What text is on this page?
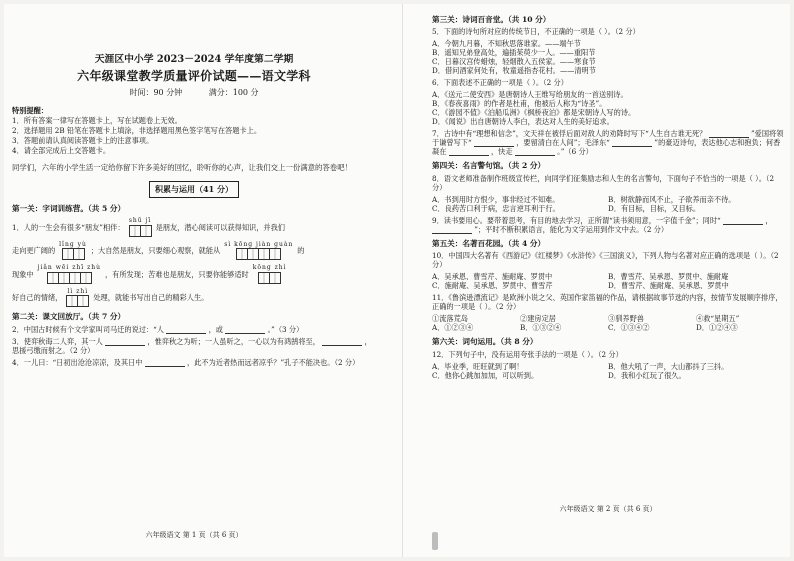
天涯区中小学 2023－2024 学年度第二学期
六年级课堂教学质量评价试题——语文学科
时间：90 分钟	满分：100 分
特别提醒：
1．所有答案一律写在答题卡上，写在试题卷上无效。
2．选择题用 2B 铅笔在答题卡上填涂，非选择题用黑色签字笔写在答题卡上。
3．答题前请认真阅读答题卡上的注意事项。
4．请全部完成后上交答题卡。
同学们，六年的小学生活一定给你留下许多美好的回忆，聆听你的心声，让我们交上一份满意的答卷吧！
积累与运用（41 分）
第一关：字词训练营。（共 5 分）
1．人的一生会有很多“朋友”相伴：
shū jī
是朋友，潜心阅读可以获得知识，并我们
走向更广阔的
lǐnɡ yù
；大自然是朋友，只要细心观察，就能从
sì kōnɡ jiàn ɡuàn
的
现象中
jiǎn wēi zhī zhù
，有所发现；苦难也是朋友，只要你能够适时
kōnɡ zhì
好自己的情绪，
lì zhì
处理，就能书写出自己的精彩人生。
第二关：课文回放厅。（共 7 分）
2．中国古时候有个文学家叫司马迁的说过：“人	，或	。”（3 分）
3．使弈秋诲二人弈，其一人	，惟弈秋之为听；一人虽听之，一心以为有鸿鹄将至，	，思援弓缴而射之。（2 分）
4．一儿曰：“日初出沧沧凉凉，及其日中	，此不为近者热而远者凉乎？”孔子不能决也。（2 分）
六年级语文 第 1 页（共 6 页）
第三关：诗词百音堂。（共 10 分）
5．下面的诗句所对应的传统节日，不正确的一项是（ ）。（2 分）
A．今朝九月暮，不知秋思落谁家。——端午节
B．遥知兄弟登高处，遍插茱萸少一人。——重阳节
C．日暮汉宫传蜡烛，轻烟散入五侯家。——寒食节
D．借问酒家何处有，牧童遥指杏花村。——清明节
6．下面表述不正确的一项是（ ）。（2 分）
A．《送元二使安西》是唐朝诗人王维写给朋友的一首送别诗。
B．《春夜喜雨》的作者是杜甫，他被后人称为“诗圣”。
C．《游园不值》《泊船瓜洲》《枫桥夜泊》都是宋朝诗人写的诗。
D．《闻说》出自唐朝诗人李白，表达对人生的美好追求。
7．古诗中有“理想和信念”，文天祥在被俘后面对敌人的劝降时写下“人生自古谁无死？	”爱国将领于谦曾写下“	，要留清白在人间”；毛泽东“	”的豪迈诗句，表达他心志和抱负；何香凝在	，快走	。”（6 分）
第四关：名言警句馆。（共 2 分）
8．语文老师准备制作班级宣传栏，向同学们征集励志和人生的名言警句，下面句子不恰当的一项是（ ）。（2 分）
A．书到用时方恨少，事非经过不知难。	B．树欲静而风不止，子欲养而亲不待。
C．良药苦口利于病，忠言逆耳利于行。	D．有目标，目标，又目标。
9．读书要用心。要带着思考，有目的地去学习，正所谓“读书须用意，一字值千金”；同时“	，  ”；平时不断积累语言，能化为文字运用到作文中去。（2 分）
第五关：名著百花园。（共 4 分）
10．中国四大名著有《西游记》《红楼梦》《水浒传》《三国演义》，下列人物与名著对应正确的选项是（ ）。（2 分）
A．吴承恩、曹雪芹、施耐庵、罗贯中	B．曹雪芹、吴承恩、罗贯中、施耐庵
C．施耐庵、吴承恩、罗贯中、曹雪芹	D．曹雪芹、施耐庵、吴承恩、罗贯中
11．《鲁滨逊漂流记》是欧洲小说之父、英国作家笛福的作品，请根据故事节选的内容，按情节发展顺序排序，正确的一项是（ ）。（2 分）
①流落荒岛	②建房定居	③驯养野兽	④救“星期五”
A．①②③④	B．①③②④	C．①③④②	D．①②④③
第六关：词句运用。（共 8 分）
12．下列句子中，没有运用夸张手法的一项是（ ）。（2 分）
A．毕业季，旺旺就到了啊！	B．他大吼了一声，大山都抖了三抖。
C．他你心跳加加加，可以听到。	D．我和小红玩了很久。
六年级语文 第 2 页（共 6 页）
